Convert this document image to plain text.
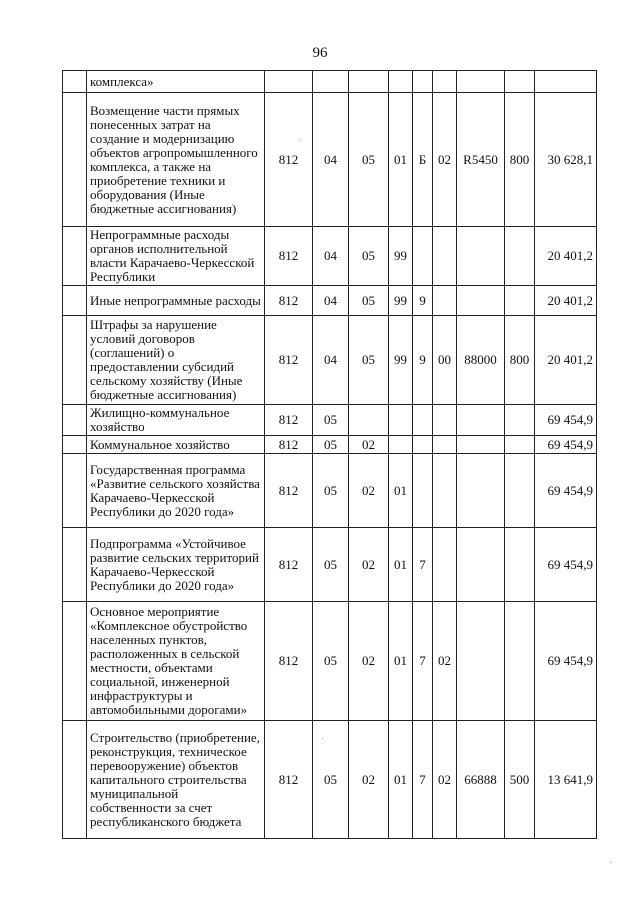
96
	комплекса»									
	Возмещение части прямых понесенных затрат на создание и модернизацию объектов агропромышленного комплекса, а также на приобретение техники и оборудования (Иные бюджетные ассигнования)	812	04	05	01	Б	02	R5450	800	30 628,1
	Непрограммные расходы органов исполнительной власти Карачаево-Черкесской Республики	812	04	05	99					20 401,2
	Иные непрограммные расходы	812	04	05	99	9				20 401,2
	Штрафы за нарушение условий договоров (соглашений) о предоставлении субсидий сельскому хозяйству (Иные бюджетные ассигнования)	812	04	05	99	9	00	88000	800	20 401,2
	Жилищно-коммунальное хозяйство	812	05							69 454,9
	Коммунальное хозяйство	812	05	02						69 454,9
	Государственная программа «Развитие сельского хозяйства Карачаево-Черкесской Республики до 2020 года»	812	05	02	01					69 454,9
	Подпрограмма «Устойчивое развитие сельских территорий Карачаево-Черкесской Республики до 2020 года»	812	05	02	01	7				69 454,9
	Основное мероприятие «Комплексное обустройство населенных пунктов, расположенных в сельской местности, объектами социальной, инженерной инфраструктуры и автомобильными дорогами»	812	05	02	01	7	02			69 454,9
	Строительство (приобретение, реконструкция, техническое перевооружение) объектов капитального строительства муниципальной собственности за счет республиканского бюджета	812	05	02	01	7	02	66888	500	13 641,9
